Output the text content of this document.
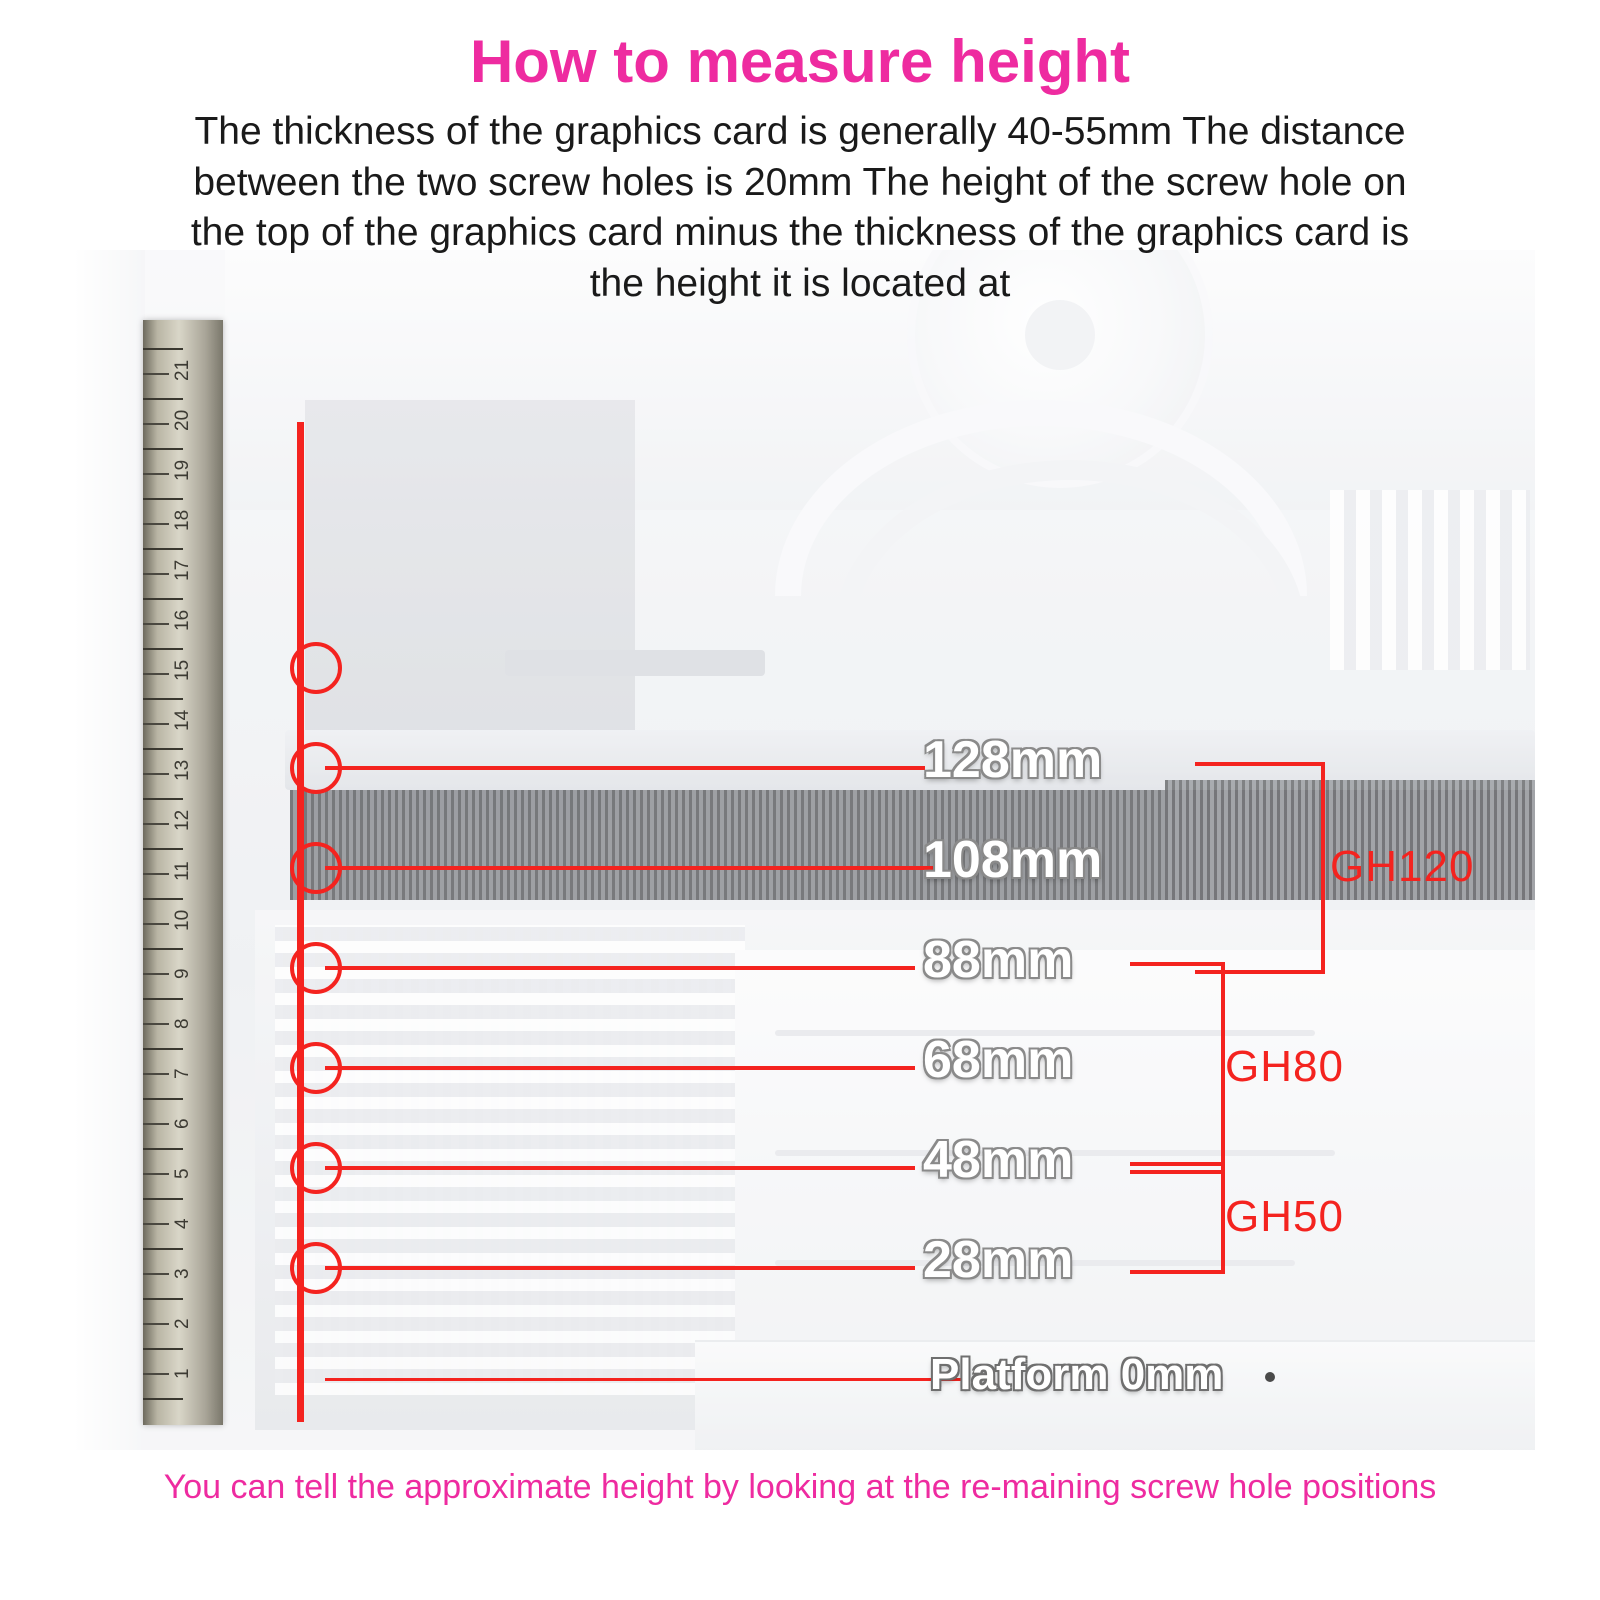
How to measure height
The thickness of the graphics card is generally 40-55mm The distance between the two screw holes is 20mm The height of the screw hole on the top of the graphics card minus the thickness of the graphics card is the height it is located at
21
20
19
18
17
16
15
14
13
12
11
10
9
8
7
6
5
4
3
2
1
128mm
108mm
88mm
68mm
48mm
28mm
Platform 0mm
GH120
GH80
GH50
You can tell the approximate height by looking at the re-maining screw hole positions
